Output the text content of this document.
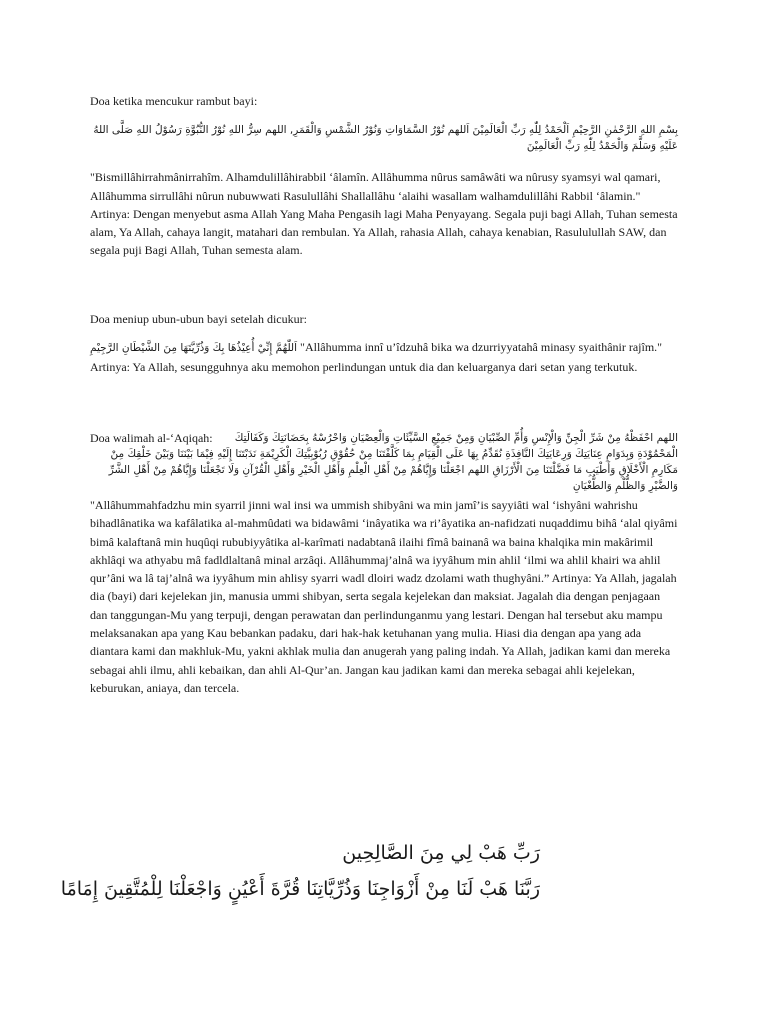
Doa ketika mencukur rambut bayi:

بِسْمِ اللهِ الرَّحْمٰنِ الرَّحِيْمِ اَلْحَمْدُ لِلّٰهِ رَبِّ الْعَالَمِيْنَ اَللهم نُوْرُ السَّمَاوَاتِ وَنُوْرُ الشَّمْسِ وَالْقَمَرِ, اللهم سِرُّ اللهِ نُوْرُ النُّبُوَّةِ رَسُوْلُ اللهِ صَلَّى اللهُ عَلَيْهِ وَسَلَّمَ وَالْحَمْدُ لِلّٰهِ رَبِّ الْعَالَمِيْنَ

"Bismillâhirrahmânirrahîm. Alhamdulillâhirabbil ‘âlamîn. Allâhumma nûrus samâwâti wa nûrusy syamsyi wal qamari, Allâhumma sirrullâhi nûrun nubuwwati Rasulullâhi Shallallâhu ‘alaihi wasallam walhamdulillâhi Rabbil ‘âlamin." Artinya: Dengan menyebut asma Allah Yang Maha Pengasih lagi Maha Penyayang. Segala puji bagi Allah, Tuhan semesta alam, Ya Allah, cahaya langit, matahari dan rembulan. Ya Allah, rahasia Allah, cahaya kenabian, Rasululullah SAW, dan segala puji Bagi Allah, Tuhan semesta alam.

Doa meniup ubun-ubun bayi setelah dicukur:

اَللّٰهُمَّ إِنِّيْ أُعِيْذُهَا بِكَ وَذُرِّيَّتَهَا مِنَ الشَّيْطَانِ الرَّجِيْمِ "Allâhumma innî u’îdzuhâ bika wa dzurriyyatahâ minasy syaithânir rajîm." Artinya: Ya Allah, sesungguhnya aku memohon perlindungan untuk dia dan keluarganya dari setan yang terkutuk.

Doa walimah al-‘Aqiqah: اللهم احْفَظْهُ مِنْ شَرِّ الْجِنِّ وَالْإِنْسِ وَأُمِّ الصِّبْيَانِ وَمِنْ جَمِيْعِ السَّيِّئَاتِ وَالْعِصْيَانِ وَاحْرُسْهُ بِحَضَانَتِكَ وَكَفَالَتِكَ الْمَحْمُوْدَةِ وَبِدَوَامِ عِنَايَتِكَ وَرِعَايَتِكَ النَّافِذَةِ نُقَدِّمُ بِهَا عَلَى الْقِيَامِ بِمَا كَلَّفْتَنَا مِنْ حُقُوْقِ رُبُوْبِيَّتِكَ الْكَرِيْمَةِ نَدَبْتَنَا إِلَيْهِ فِيْمَا بَيْنَنَا وَبَيْنَ خَلْقِكَ مِنْ مَكَارِمِ الْأَخْلَاقِ وَأَطْيَبِ مَا فَضَّلْتَنَا مِنَ الْأَرْزَاقِ اللهم اجْعَلْنَا وَإِيَّاهُمْ مِنْ أَهْلِ الْعِلْمِ وَأَهْلِ الْخَيْرِ وَأَهْلِ الْقُرْآنِ وَلَا تَجْعَلْنَا وَإِيَّاهُمْ مِنْ أَهْلِ الشَّرِّ وَالضَّيْرِ وَالظُّلْمِ وَالطُّغْيَانِ

"Allâhummahfadzhu min syarril jinni wal insi wa ummish shibyâni wa min jamî’is sayyiâti wal ‘ishyâni wahrishu bihadlânatika wa kafâlatika al-mahmûdati wa bidawâmi ‘inâyatika wa ri’âyatika an-nafidzati nuqaddimu bihâ ‘alal qiyâmi bimâ kalaftanâ min huqûqi rububiyyâtika al-karîmati nadabtanâ ilaihi fîmâ bainanâ wa baina khalqika min makârimil akhlâqi wa athyabu mâ fadldlaltanâ minal arzâqi. Allâhummaj’alnâ wa iyyâhum min ahlil ‘ilmi wa ahlil khairi wa ahlil qur’âni wa lâ taj’alnâ wa iyyâhum min ahlisy syarri wadl dloiri wadz dzolami wath thughyâni.” Artinya: Ya Allah, jagalah dia (bayi) dari kejelekan jin, manusia ummi shibyan, serta segala kejelekan dan maksiat. Jagalah dia dengan penjagaan dan tanggungan-Mu yang terpuji, dengan perawatan dan perlindunganmu yang lestari. Dengan hal tersebut aku mampu melaksanakan apa yang Kau bebankan padaku, dari hak-hak ketuhanan yang mulia. Hiasi dia dengan apa yang ada diantara kami dan makhluk-Mu, yakni akhlak mulia dan anugerah yang paling indah. Ya Allah, jadikan kami dan mereka sebagai ahli ilmu, ahli kebaikan, dan ahli Al-Qur’an. Jangan kau jadikan kami dan mereka sebagai ahli kejelekan, keburukan, aniaya, dan tercela.

رَبِّ هَبْ لِي مِنَ الصَّالِحِين
رَبَّنَا هَبْ لَنَا مِنْ أَزْوَاجِنَا وَذُرِّيَّاتِنَا قُرَّةَ أَعْيُنٍ وَاجْعَلْنَا لِلْمُتَّقِينَ إِمَامًا
